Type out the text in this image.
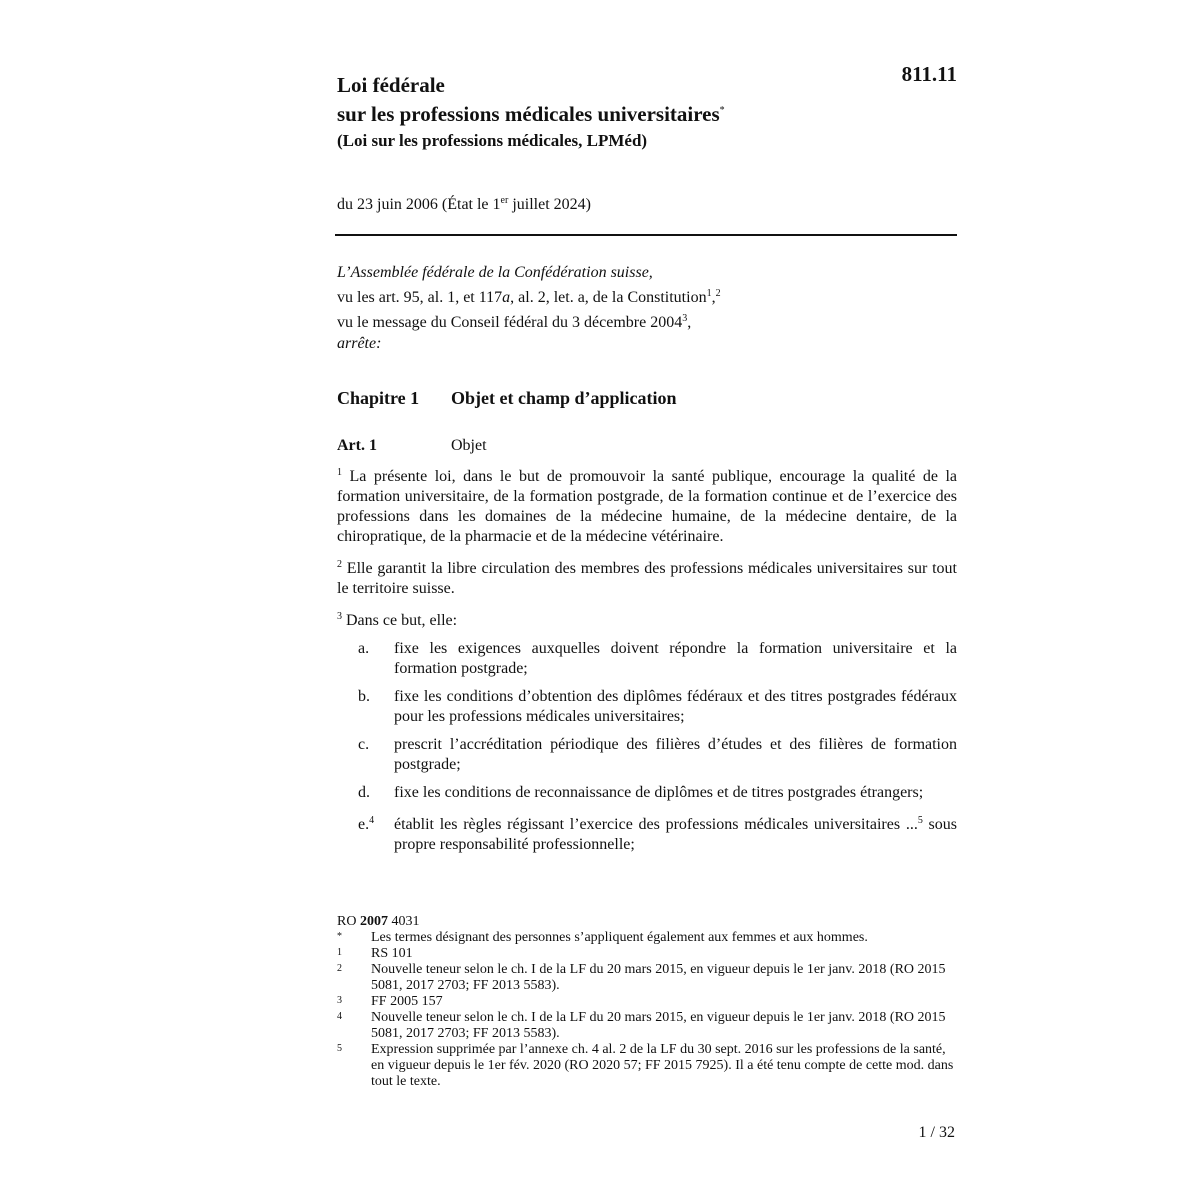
811.11
Loi fédérale
sur les professions médicales universitaires*
(Loi sur les professions médicales, LPMéd)
du 23 juin 2006 (État le 1er juillet 2024)
L’Assemblée fédérale de la Confédération suisse,
vu les art. 95, al. 1, et 117a, al. 2, let. a, de la Constitution$^1$,$^2$
vu le message du Conseil fédéral du 3 décembre 2004$^3$,
arrête:
Chapitre 1 Objet et champ d’application
Art. 1	Objet
$^1$ La présente loi, dans le but de promouvoir la santé publique, encourage la qualité de la formation universitaire, de la formation postgrade, de la formation continue et de l’exercice des professions dans les domaines de la médecine humaine, de la médecine dentaire, de la chiropratique, de la pharmacie et de la médecine vétérinaire.
$^2$ Elle garantit la libre circulation des membres des professions médicales universitaires sur tout le territoire suisse.
$^3$ Dans ce but, elle:
a.	fixe les exigences auxquelles doivent répondre la formation universitaire et la formation postgrade;
b.	fixe les conditions d’obtention des diplômes fédéraux et des titres postgrades fédéraux pour les professions médicales universitaires;
c.	prescrit l’accréditation périodique des filières d’études et des filières de formation postgrade;
d.	fixe les conditions de reconnaissance de diplômes et de titres postgrades étrangers;
e.$^4$	établit les règles régissant l’exercice des professions médicales universitaires ...$^5$ sous propre responsabilité professionnelle;
RO 2007 4031
*	Les termes désignant des personnes s’appliquent également aux femmes et aux hommes.
1	RS 101
2	Nouvelle teneur selon le ch. I de la LF du 20 mars 2015, en vigueur depuis le 1er janv. 2018 (RO 2015 5081, 2017 2703; FF 2013 5583).
3	FF 2005 157
4	Nouvelle teneur selon le ch. I de la LF du 20 mars 2015, en vigueur depuis le 1er janv. 2018 (RO 2015 5081, 2017 2703; FF 2013 5583).
5	Expression supprimée par l’annexe ch. 4 al. 2 de la LF du 30 sept. 2016 sur les professions de la santé, en vigueur depuis le 1er fév. 2020 (RO 2020 57; FF 2015 7925). Il a été tenu compte de cette mod. dans tout le texte.
1 / 32
